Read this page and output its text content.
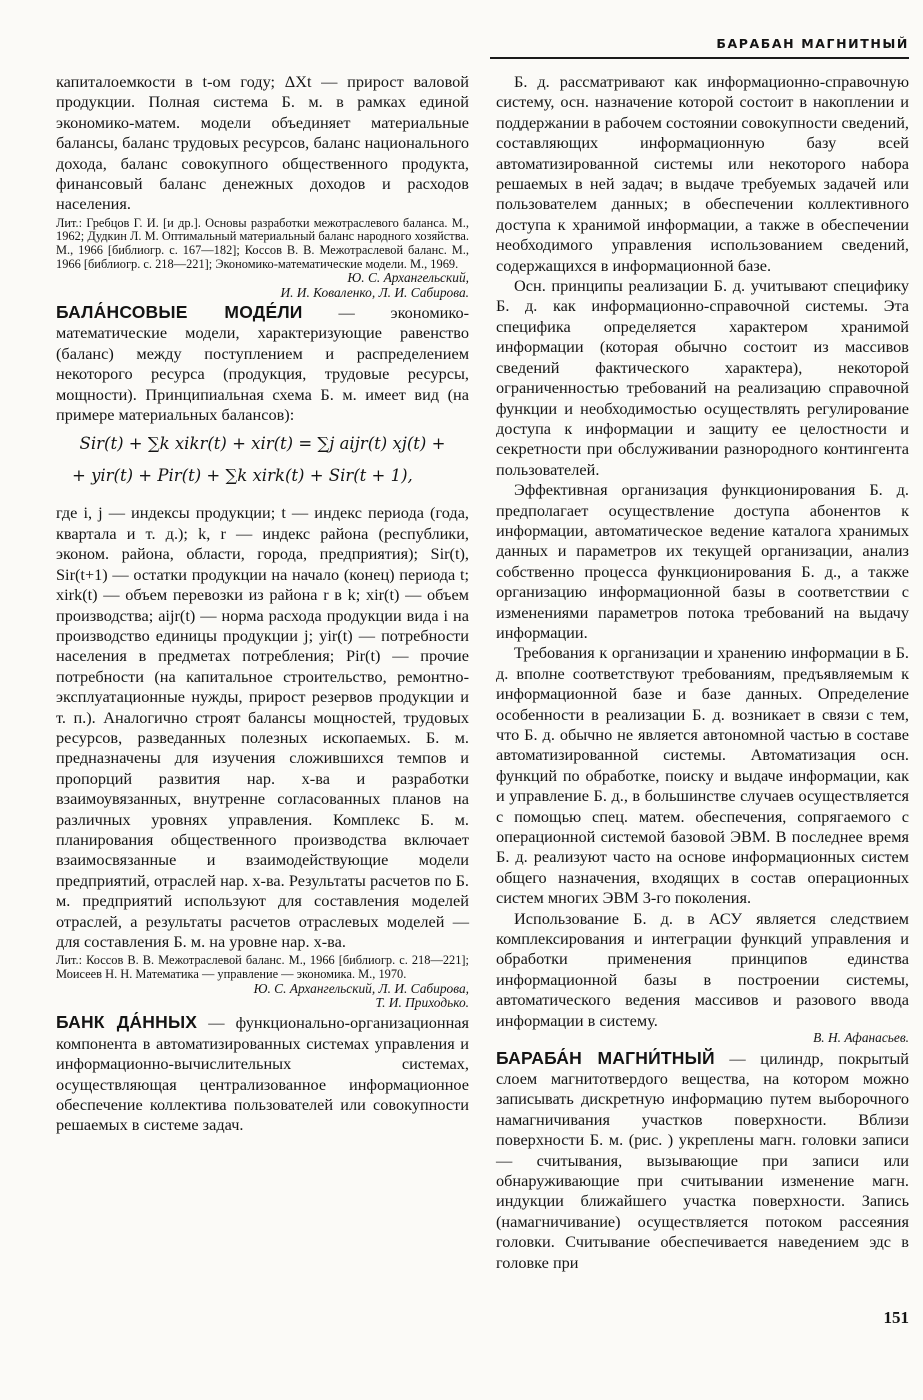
БАРАБАН МАГНИТНЫЙ

капиталоемкости в t-ом году; ΔXt — прирост валовой продукции. Полная система Б. м. в рамках единой экономико-матем. модели объединяет материальные балансы, баланс трудовых ресурсов, баланс национального дохода, баланс совокупного общественного продукта, финансовый баланс денежных доходов и расходов населения.

Лит.: Гребцов Г. И. [и др.]. Основы разработки межотраслевого баланса. М., 1962; Дудкин Л. М. Оптимальный материальный баланс народного хозяйства. М., 1966 [библиогр. с. 167—182]; Коссов В. В. Межотраслевой баланс. М., 1966 [библиогр. с. 218—221]; Экономико-математические модели. М., 1969.

Ю. С. Архангельский,

И. И. Коваленко, Л. И. Сабирова.

БАЛА́НСОВЫЕ МОДЕ́ЛИ — экономико-математические модели, характеризующие равенство (баланс) между поступлением и распределением некоторого ресурса (продукция, трудовые ресурсы, мощности). Принципиальная схема Б. м. имеет вид (на примере материальных балансов):

Sir(t) + ∑k xikr(t) + xir(t) = ∑j aijr(t) xj(t) +
+ yir(t) + Pir(t) + ∑k xirk(t) + Sir(t + 1),

где i, j — индексы продукции; t — индекс периода (года, квартала и т. д.); k, r — индекс района (республики, эконом. района, области, города, предприятия); Sir(t), Sir(t+1) — остатки продукции на начало (конец) периода t; xirk(t) — объем перевозки из района r в k; xir(t) — объем производства; aijr(t) — норма расхода продукции вида i на производство единицы продукции j; yir(t) — потребности населения в предметах потребления; Pir(t) — прочие потребности (на капитальное строительство, ремонтно-эксплуатационные нужды, прирост резервов продукции и т. п.). Аналогично строят балансы мощностей, трудовых ресурсов, разведанных полезных ископаемых. Б. м. предназначены для изучения сложившихся темпов и пропорций развития нар. х-ва и разработки взаимоувязанных, внутренне согласованных планов на различных уровнях управления. Комплекс Б. м. планирования общественного производства включает взаимосвязанные и взаимодействующие модели предприятий, отраслей нар. х-ва. Результаты расчетов по Б. м. предприятий используют для составления моделей отраслей, а результаты расчетов отраслевых моделей — для составления Б. м. на уровне нар. х-ва.

Лит.: Коссов В. В. Межотраслевой баланс. М., 1966 [библиогр. с. 218—221]; Моисеев Н. Н. Математика — управление — экономика. М., 1970.

Ю. С. Архангельский, Л. И. Сабирова,

Т. И. Приходько.

БАНК ДА́ННЫХ — функционально-организационная компонента в автоматизированных системах управления и информационно-вычислительных системах, осуществляющая централизованное информационное обеспечение коллектива пользователей или совокупности решаемых в системе задач.

Б. д. рассматривают как информационно-справочную систему, осн. назначение которой состоит в накоплении и поддержании в рабочем состоянии совокупности сведений, составляющих информационную базу всей автоматизированной системы или некоторого набора решаемых в ней задач; в выдаче требуемых задачей или пользователем данных; в обеспечении коллективного доступа к хранимой информации, а также в обеспечении необходимого управления использованием сведений, содержащихся в информационной базе.

Осн. принципы реализации Б. д. учитывают специфику Б. д. как информационно-справочной системы. Эта специфика определяется характером хранимой информации (которая обычно состоит из массивов сведений фактического характера), некоторой ограниченностью требований на реализацию справочной функции и необходимостью осуществлять регулирование доступа к информации и защиту ее целостности и секретности при обслуживании разнородного контингента пользователей.

Эффективная организация функционирования Б. д. предполагает осуществление доступа абонентов к информации, автоматическое ведение каталога хранимых данных и параметров их текущей организации, анализ собственно процесса функционирования Б. д., а также организацию информационной базы в соответствии с изменениями параметров потока требований на выдачу информации.

Требования к организации и хранению информации в Б. д. вполне соответствуют требованиям, предъявляемым к информационной базе и базе данных. Определение особенности в реализации Б. д. возникает в связи с тем, что Б. д. обычно не является автономной частью в составе автоматизированной системы. Автоматизация осн. функций по обработке, поиску и выдаче информации, как и управление Б. д., в большинстве случаев осуществляется с помощью спец. матем. обеспечения, сопрягаемого с операционной системой базовой ЭВМ. В последнее время Б. д. реализуют часто на основе информационных систем общего назначения, входящих в состав операционных систем многих ЭВМ 3-го поколения.

Использование Б. д. в АСУ является следствием комплексирования и интеграции функций управления и обработки применения принципов единства информационной базы в построении системы, автоматического ведения массивов и разового ввода информации в систему.

В. Н. Афанасьев.

БАРАБА́Н МАГНИ́ТНЫЙ — цилиндр, покрытый слоем магнитотвердого вещества, на котором можно записывать дискретную информацию путем выборочного намагничивания участков поверхности. Вблизи поверхности Б. м. (рис. ) укреплены магн. головки записи — считывания, вызывающие при записи или обнаруживающие при считывании изменение магн. индукции ближайшего участка поверхности. Запись (намагничивание) осуществляется потоком рассеяния головки. Считывание обеспечивается наведением эдс в головке при

151
